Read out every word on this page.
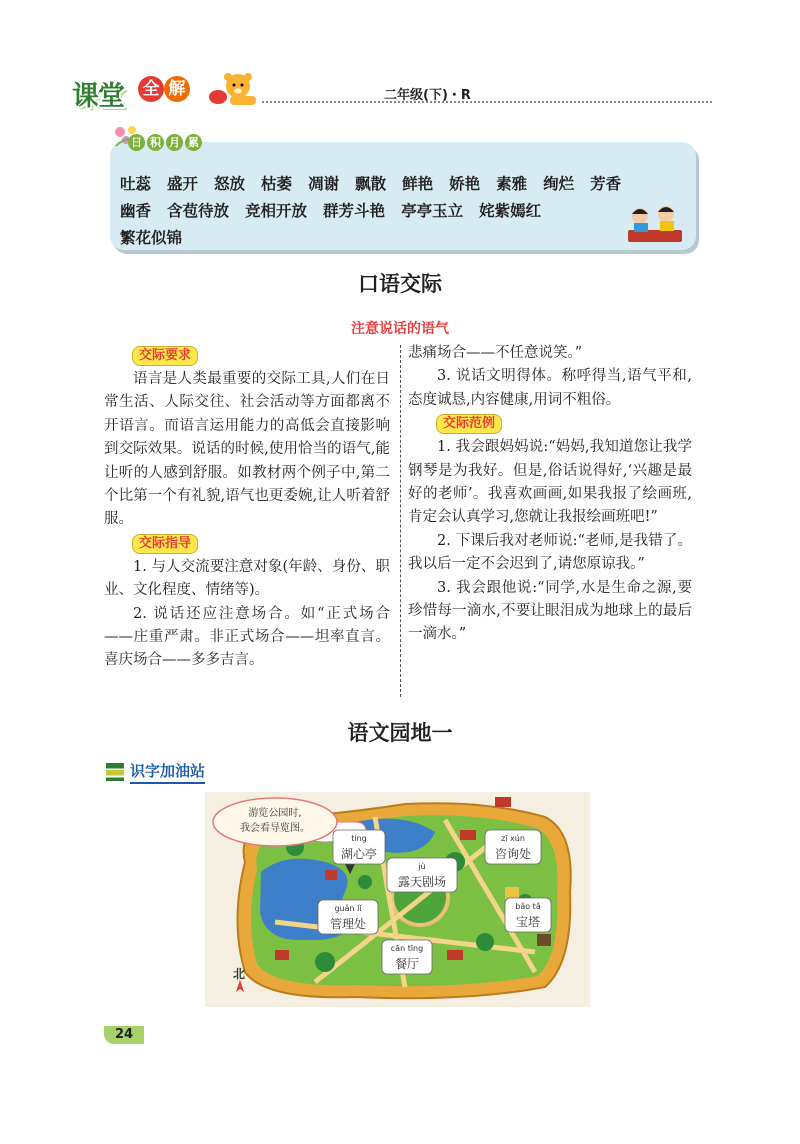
课堂 全 解	二年级(下)・R
日 积 月 累
吐蕊 盛开 怒放 枯萎 凋谢 飘散 鲜艳 娇艳 素雅 绚烂 芳香
幽香 含苞待放 竞相开放 群芳斗艳 亭亭玉立 姹紫嫣红
繁花似锦
口语交际
注意说话的语气
交际要求

语言是人类最重要的交际工具,人们在日常生活、人际交往、社会活动等方面都离不开语言。而语言运用能力的高低会直接影响到交际效果。说话的时候,使用恰当的语气,能让听的人感到舒服。如教材两个例子中,第二个比第一个有礼貌,语气也更委婉,让人听着舒服。

交际指导

1. 与人交流要注意对象(年龄、身份、职业、文化程度、情绪等)。

2. 说话还应注意场合。如“正式场合——庄重严肃。非正式场合——坦率直言。喜庆场合——多多吉言。

悲痛场合——不任意说笑。”

3. 说话文明得体。称呼得当,语气平和,态度诚恳,内容健康,用词不粗俗。

交际范例

1. 我会跟妈妈说:“妈妈,我知道您让我学钢琴是为我好。但是,俗话说得好,‘兴趣是最好的老师’。我喜欢画画,如果我报了绘画班,肯定会认真学习,您就让我报绘画班吧!”

2. 下课后我对老师说:“老师,是我错了。我以后一定不会迟到了,请您原谅我。”

3. 我会跟他说:“同学,水是生命之源,要珍惜每一滴水,不要让眼泪成为地球上的最后一滴水。”

语文园地一
识字加油站
游览公园时,
我会看导览图。
北
tíng
湖心亭
zī xún
咨询处
jù
露天剧场
guǎn lǐ
管理处
bǎo tǎ
宝塔
cān tīng
餐厅
24
